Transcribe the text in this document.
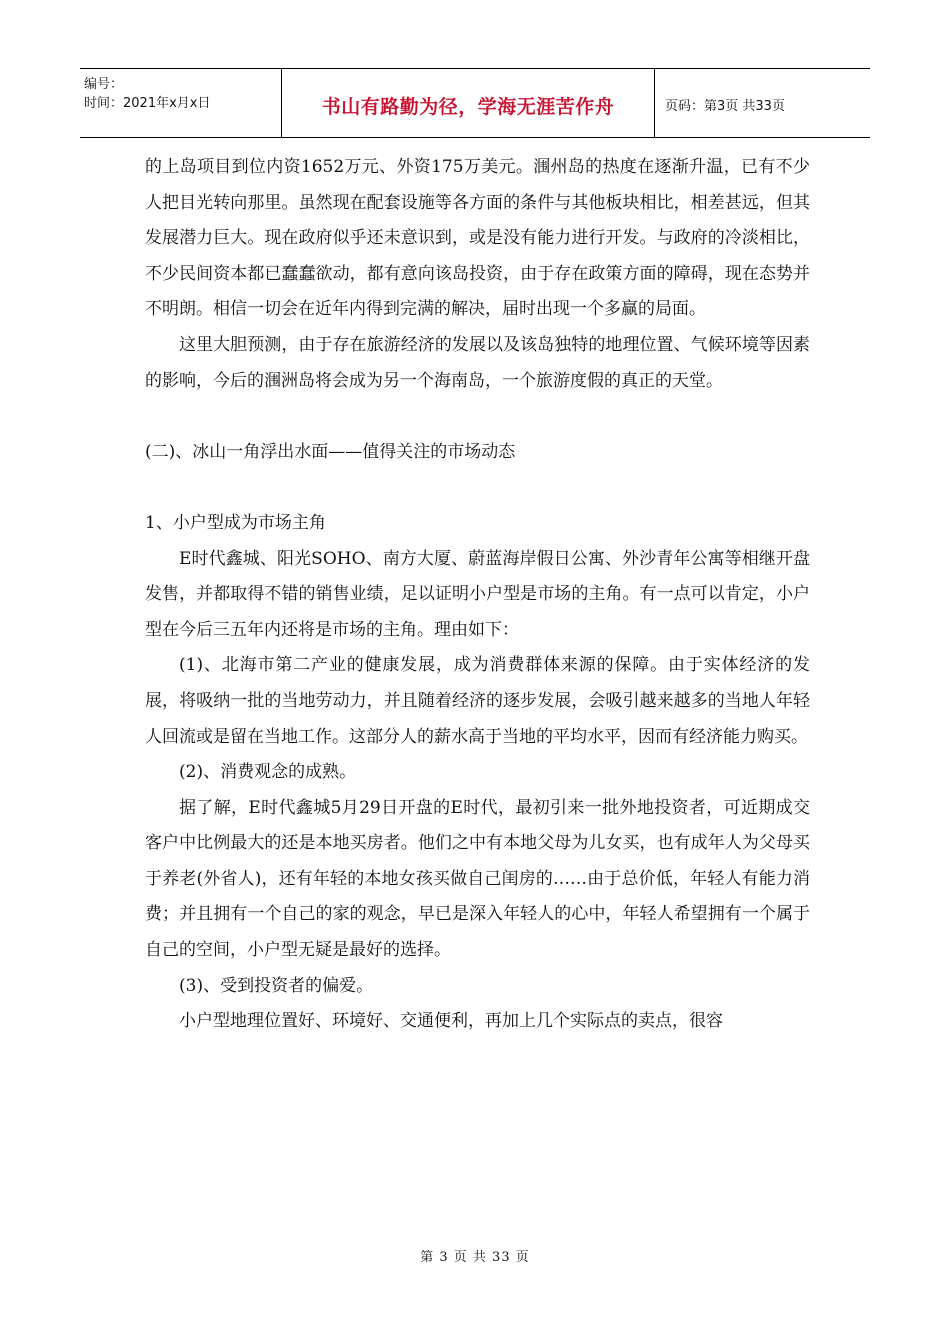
编号：
时间：2021年x月x日	书山有路勤为径，学海无涯苦作舟	页码：第3页 共33页

的上岛项目到位内资1652万元、外资175万美元。涠州岛的热度在逐渐升温，已有不少人把目光转向那里。虽然现在配套设施等各方面的条件与其他板块相比，相差甚远，但其发展潜力巨大。现在政府似乎还未意识到，或是没有能力进行开发。与政府的冷淡相比，不少民间资本都已蠢蠢欲动，都有意向该岛投资，由于存在政策方面的障碍，现在态势并不明朗。相信一切会在近年内得到完满的解决，届时出现一个多赢的局面。

这里大胆预测，由于存在旅游经济的发展以及该岛独特的地理位置、气候环境等因素的影响，今后的涠洲岛将会成为另一个海南岛，一个旅游度假的真正的天堂。

(二)、冰山一角浮出水面——值得关注的市场动态

1、小户型成为市场主角

E时代鑫城、阳光SOHO、南方大厦、蔚蓝海岸假日公寓、外沙青年公寓等相继开盘发售，并都取得不错的销售业绩，足以证明小户型是市场的主角。有一点可以肯定，小户型在今后三五年内还将是市场的主角。理由如下：

(1)、北海市第二产业的健康发展，成为消费群体来源的保障。由于实体经济的发展，将吸纳一批的当地劳动力，并且随着经济的逐步发展，会吸引越来越多的当地人年轻人回流或是留在当地工作。这部分人的薪水高于当地的平均水平，因而有经济能力购买。

(2)、消费观念的成熟。

据了解，E时代鑫城5月29日开盘的E时代，最初引来一批外地投资者，可近期成交客户中比例最大的还是本地买房者。他们之中有本地父母为儿女买，也有成年人为父母买于养老(外省人)，还有年轻的本地女孩买做自己闺房的……由于总价低，年轻人有能力消费；并且拥有一个自己的家的观念，早已是深入年轻人的心中，年轻人希望拥有一个属于自己的空间，小户型无疑是最好的选择。

(3)、受到投资者的偏爱。

小户型地理位置好、环境好、交通便利，再加上几个实际点的卖点，很容

第 3 页 共 33 页
